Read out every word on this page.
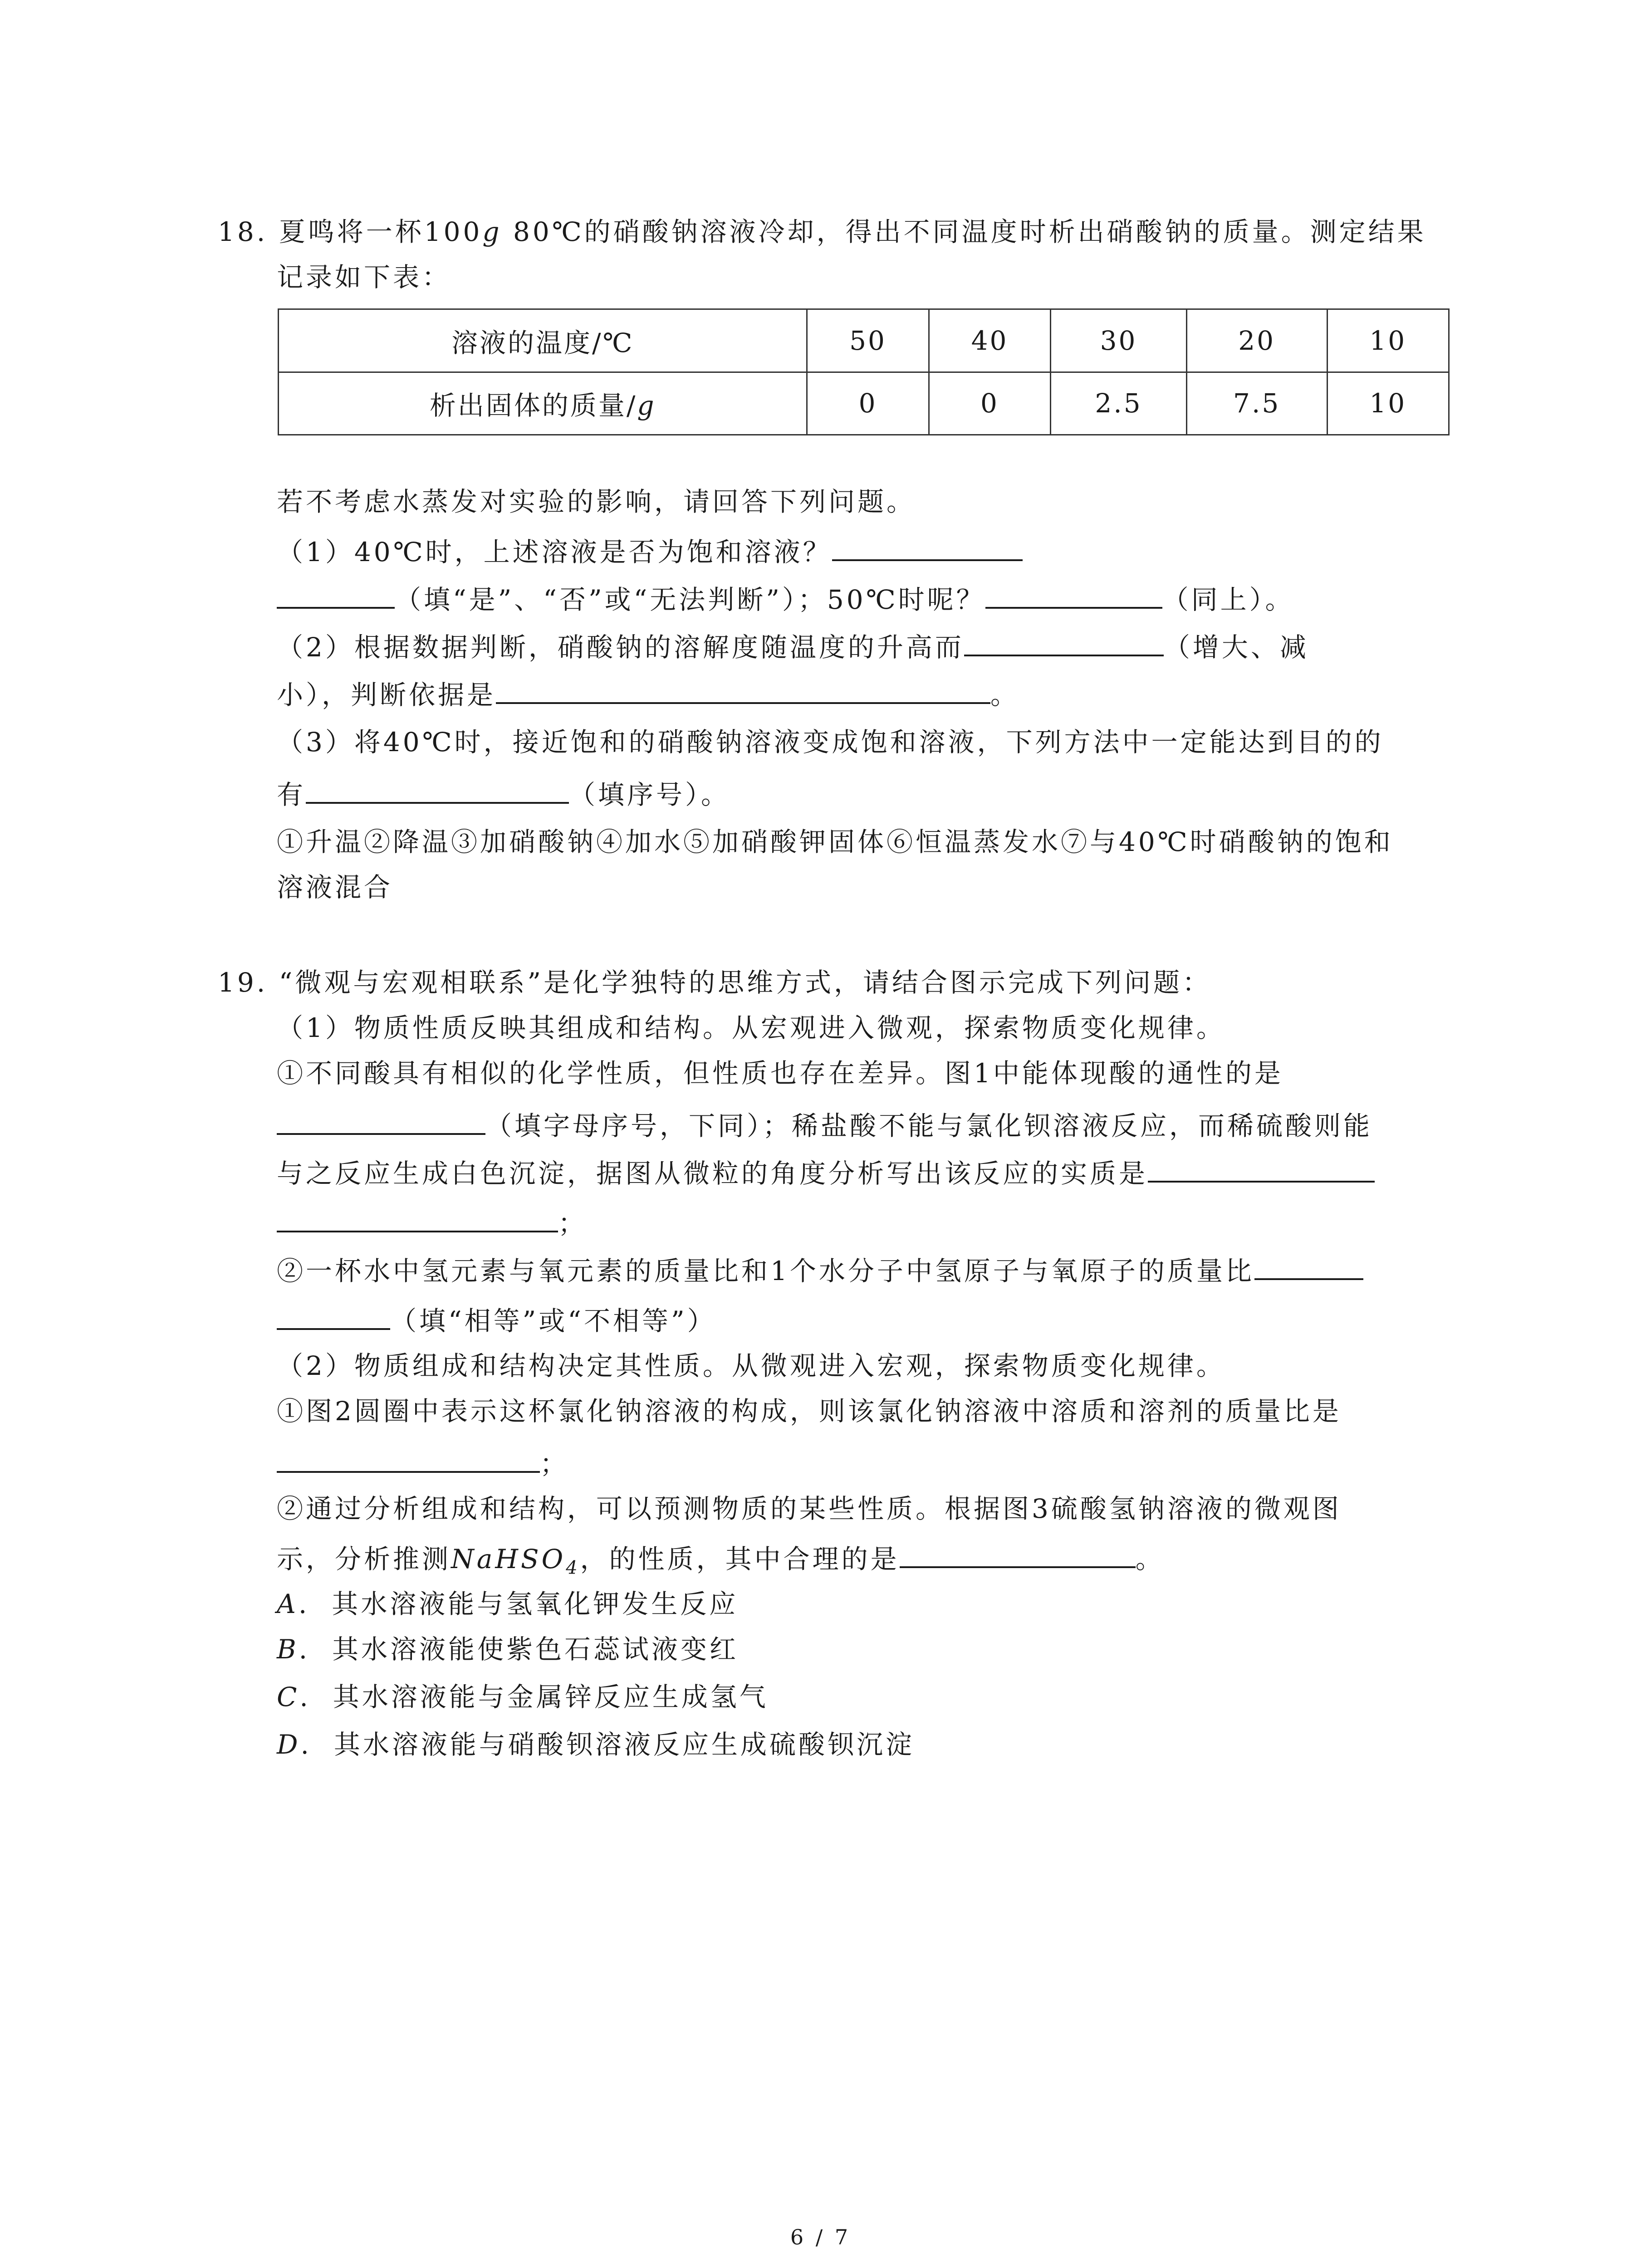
18. 夏鸣将一杯100g 80℃的硝酸钠溶液冷却，得出不同温度时析出硝酸钠的质量。测定结果
记录如下表：
溶液的温度/℃	50	40	30	20	10
析出固体的质量/g	0	0	2.5	7.5	10
若不考虑水蒸发对实验的影响，请回答下列问题。
（1）40℃时，上述溶液是否为饱和溶液？
（填“是”、“否”或“无法判断”）；50℃时呢？	（同上）。
（2）根据数据判断，硝酸钠的溶解度随温度的升高而	（增大、减
小），判断依据是	。
（3）将40℃时，接近饱和的硝酸钠溶液变成饱和溶液，下列方法中一定能达到目的的
有	（填序号）。
①升温②降温③加硝酸钠④加水⑤加硝酸钾固体⑥恒温蒸发水⑦与40℃时硝酸钠的饱和
溶液混合
19. “微观与宏观相联系”是化学独特的思维方式，请结合图示完成下列问题：
（1）物质性质反映其组成和结构。从宏观进入微观，探索物质变化规律。
①不同酸具有相似的化学性质，但性质也存在差异。图1中能体现酸的通性的是
（填字母序号，下同）；稀盐酸不能与氯化钡溶液反应，而稀硫酸则能
与之反应生成白色沉淀，据图从微粒的角度分析写出该反应的实质是
；
②一杯水中氢元素与氧元素的质量比和1个水分子中氢原子与氧原子的质量比
（填“相等”或“不相等”）
（2）物质组成和结构决定其性质。从微观进入宏观，探索物质变化规律。
①图2圆圈中表示这杯氯化钠溶液的构成，则该氯化钠溶液中溶质和溶剂的质量比是
；
②通过分析组成和结构，可以预测物质的某些性质。根据图3硫酸氢钠溶液的微观图
示，分析推测NaHSO$_4$，的性质，其中合理的是	。
A. 其水溶液能与氢氧化钾发生反应
B. 其水溶液能使紫色石蕊试液变红
C. 其水溶液能与金属锌反应生成氢气
D. 其水溶液能与硝酸钡溶液反应生成硫酸钡沉淀
6 / 7
